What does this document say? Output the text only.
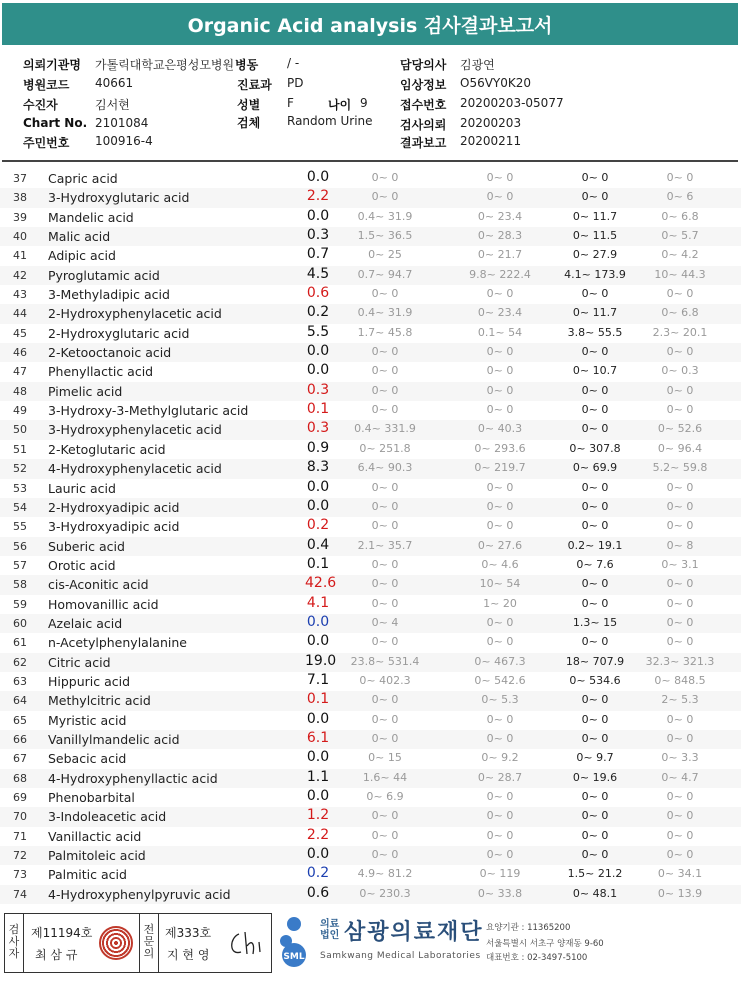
Organic Acid analysis 검사결과보고서
의뢰기관명 가톨릭대학교은평성모병원 병동 / -	담당의사 김광연
병원코드 40661	진료과 PD	임상정보 O56VY0K20
수진자	김서현	성별 F	나이 9	접수번호 20200203-05077
Chart No. 2101084	검체 Random Urine 검사의뢰 20200203
주민번호 100916-4	결과보고 20200211
37 Capric acid	0.0	0~ 0	0~ 0	0~ 0	0~ 0
38 3-Hydroxyglutaric acid	2.2	0~ 0	0~ 0	0~ 0	0~ 6
39 Mandelic acid	0.0	0.4~ 31.9	0~ 23.4	0~ 11.7	0~ 6.8
40 Malic acid	0.3	1.5~ 36.5	0~ 28.3	0~ 11.5	0~ 5.7
41 Adipic acid	0.7	0~ 25	0~ 21.7	0~ 27.9	0~ 4.2
42 Pyroglutamic acid	4.5	0.7~ 94.7	9.8~ 222.4	4.1~ 173.9	10~ 44.3
43 3-Methyladipic acid	0.6	0~ 0	0~ 0	0~ 0	0~ 0
44 2-Hydroxyphenylacetic acid	0.2	0.4~ 31.9	0~ 23.4	0~ 11.7	0~ 6.8
45 2-Hydroxyglutaric acid	5.5	1.7~ 45.8	0.1~ 54	3.8~ 55.5	2.3~ 20.1
46 2-Ketooctanoic acid	0.0	0~ 0	0~ 0	0~ 0	0~ 0
47 Phenyllactic acid	0.0	0~ 0	0~ 0	0~ 10.7	0~ 0.3
48 Pimelic acid	0.3	0~ 0	0~ 0	0~ 0	0~ 0
49 3-Hydroxy-3-Methylglutaric acid	0.1	0~ 0	0~ 0	0~ 0	0~ 0
50 3-Hydroxyphenylacetic acid	0.3	0.4~ 331.9	0~ 40.3	0~ 0	0~ 52.6
51 2-Ketoglutaric acid	0.9	0~ 251.8	0~ 293.6	0~ 307.8	0~ 96.4
52 4-Hydroxyphenylacetic acid	8.3	6.4~ 90.3	0~ 219.7	0~ 69.9	5.2~ 59.8
53 Lauric acid	0.0	0~ 0	0~ 0	0~ 0	0~ 0
54 2-Hydroxyadipic acid	0.0	0~ 0	0~ 0	0~ 0	0~ 0
55 3-Hydroxyadipic acid	0.2	0~ 0	0~ 0	0~ 0	0~ 0
56 Suberic acid	0.4	2.1~ 35.7	0~ 27.6	0.2~ 19.1	0~ 8
57 Orotic acid	0.1	0~ 0	0~ 4.6	0~ 7.6	0~ 3.1
58 cis-Aconitic acid	42.6	0~ 0	10~ 54	0~ 0	0~ 0
59 Homovanillic acid	4.1	0~ 0	1~ 20	0~ 0	0~ 0
60 Azelaic acid	0.0	0~ 4	0~ 0	1.3~ 15	0~ 0
61 n-Acetylphenylalanine	0.0	0~ 0	0~ 0	0~ 0	0~ 0
62 Citric acid	19.0	23.8~ 531.4	0~ 467.3	18~ 707.9	32.3~ 321.3
63 Hippuric acid	7.1	0~ 402.3	0~ 542.6	0~ 534.6	0~ 848.5
64 Methylcitric acid	0.1	0~ 0	0~ 5.3	0~ 0	2~ 5.3
65 Myristic acid	0.0	0~ 0	0~ 0	0~ 0	0~ 0
66 Vanillylmandelic acid	6.1	0~ 0	0~ 0	0~ 0	0~ 0
67 Sebacic acid	0.0	0~ 15	0~ 9.2	0~ 9.7	0~ 3.3
68 4-Hydroxyphenyllactic acid	1.1	1.6~ 44	0~ 28.7	0~ 19.6	0~ 4.7
69 Phenobarbital	0.0	0~ 6.9	0~ 0	0~ 0	0~ 0
70 3-Indoleacetic acid	1.2	0~ 0	0~ 0	0~ 0	0~ 0
71 Vanillactic acid	2.2	0~ 0	0~ 0	0~ 0	0~ 0
72 Palmitoleic acid	0.0	0~ 0	0~ 0	0~ 0	0~ 0
73 Palmitic acid	0.2	4.9~ 81.2	0~ 119	1.5~ 21.2	0~ 34.1
74 4-Hydroxyphenylpyruvic acid	0.6	0~ 230.3	0~ 33.8	0~ 48.1	0~ 13.9
검사자
제11194호
최 삼 규
전문의
제333호
지 현 영	SML
의료
법인 삼광의료재단
Samkwang Medical Laboratories
요양기관 : 11365200
서울특별시 서초구 양재동 9-60
대표번호 : 02-3497-5100
